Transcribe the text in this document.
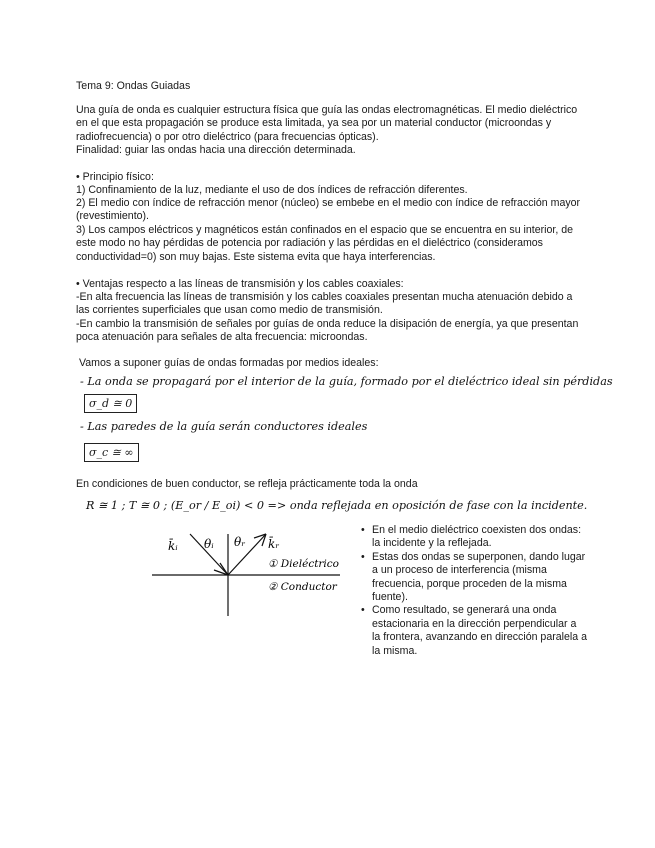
Tema 9: Ondas Guiadas

Una guía de onda es cualquier estructura física que guía las ondas electromagnéticas. El medio dieléctrico en el que esta propagación se produce esta limitada, ya sea por un material conductor (microondas y radiofrecuencia) o por otro dieléctrico (para frecuencias ópticas).

Finalidad: guiar las ondas hacia una dirección determinada.

• Principio físico:

1) Confinamiento de la luz, mediante el uso de dos índices de refracción diferentes.

2) El medio con índice de refracción menor (núcleo) se embebe en el medio con índice de refracción mayor (revestimiento).

3) Los campos eléctricos y magnéticos están confinados en el espacio que se encuentra en su interior, de este modo no hay pérdidas de potencia por radiación y las pérdidas en el dieléctrico (consideramos conductividad=0) son muy bajas. Este sistema evita que haya interferencias.

• Ventajas respecto a las líneas de transmisión y los cables coaxiales:

-En alta frecuencia las líneas de transmisión y los cables coaxiales presentan mucha atenuación debido a las corrientes superficiales que usan como medio de transmisión.

-En cambio la transmisión de señales por guías de onda reduce la disipación de energía, ya que presentan poca atenuación para señales de alta frecuencia: microondas.

Vamos a suponer guías de ondas formadas por medios ideales:

- La onda se propagará por el interior de la guía, formado por el dieléctrico ideal sin pérdidas
σ_d ≅ 0
- Las paredes de la guía serán conductores ideales
σ_c ≅ ∞

En condiciones de buen conductor, se refleja prácticamente toda la onda

R ≅ 1 ; T ≅ 0 ; (E_or / E_oi) < 0 => onda reflejada en oposición de fase con la incidente.
k̄ᵢ θᵢ θᵣ k̄ᵣ
① Dieléctrico
② Conductor
• En el medio dieléctrico coexisten dos ondas: la incidente y la reflejada.
• Estas dos ondas se superponen, dando lugar a un proceso de interferencia (misma frecuencia, porque proceden de la misma fuente).
• Como resultado, se generará una onda estacionaria en la dirección perpendicular a la frontera, avanzando en dirección paralela a la misma.
